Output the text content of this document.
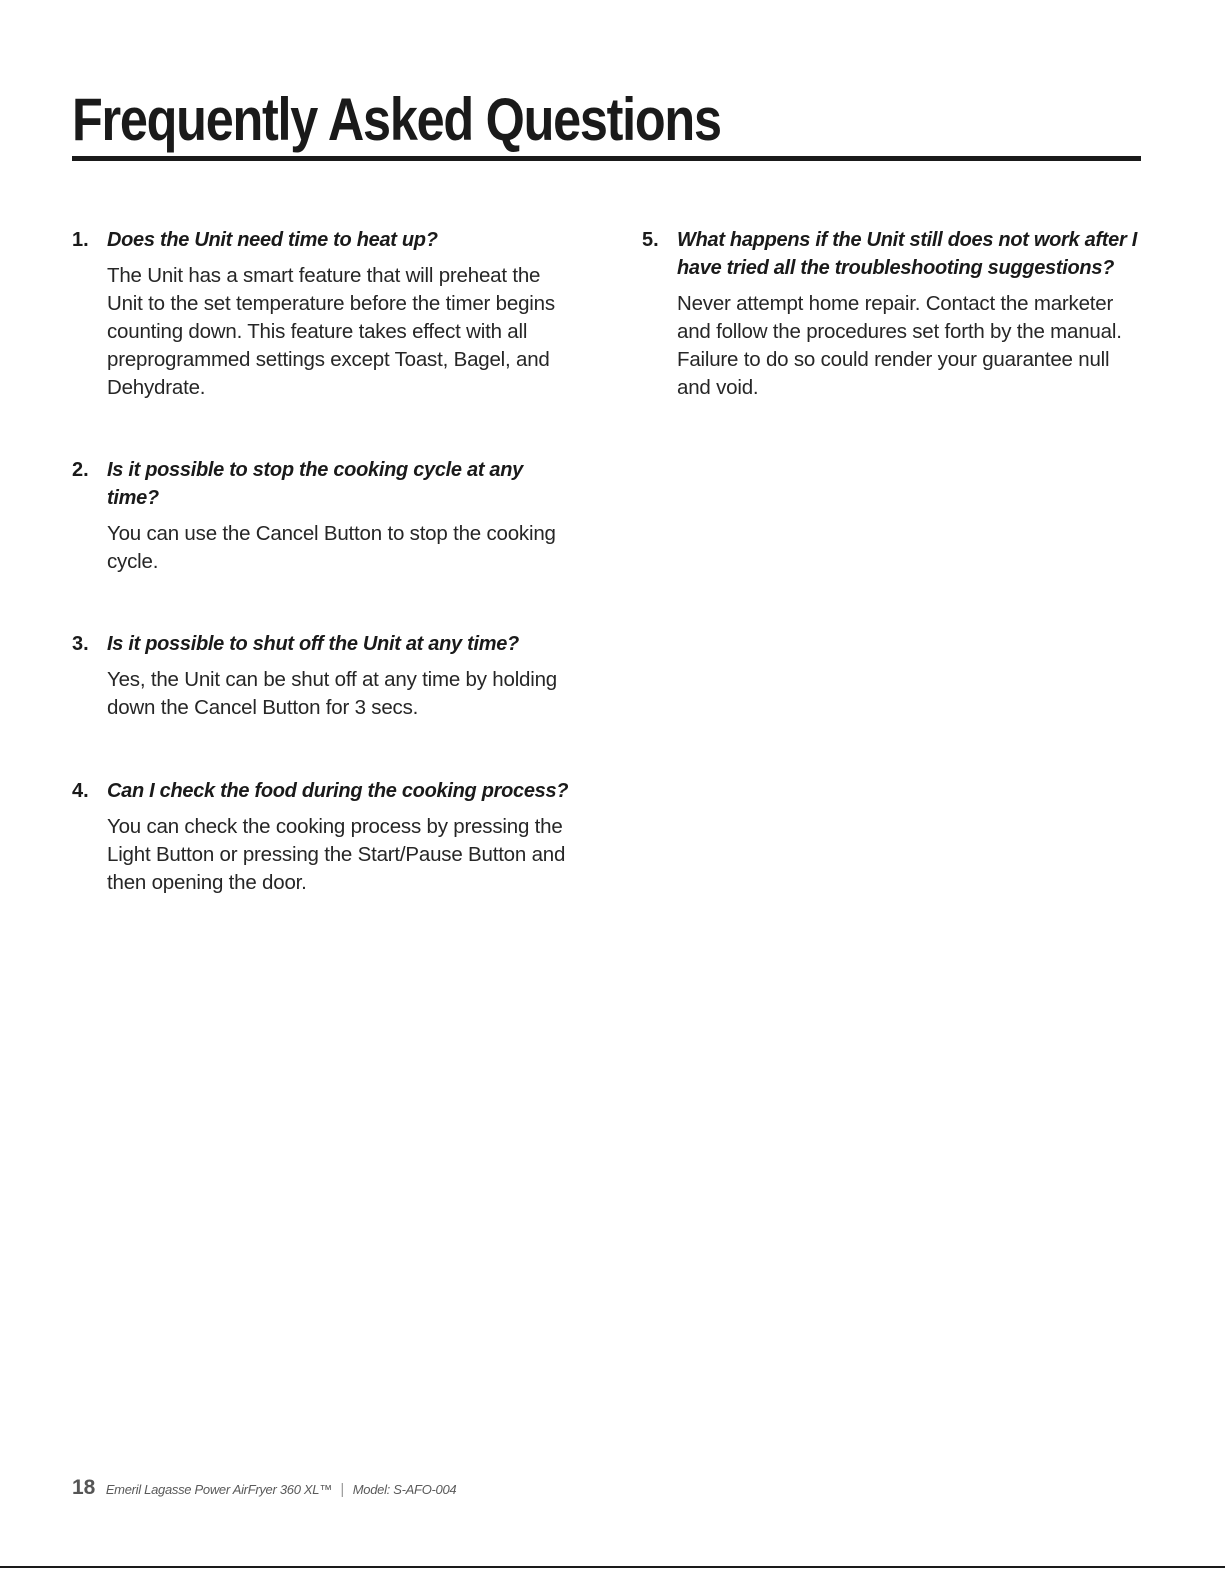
Frequently Asked Questions
1. Does the Unit need time to heat up?

The Unit has a smart feature that will preheat the Unit to the set temperature before the timer begins counting down. This feature takes effect with all preprogrammed settings except Toast, Bagel, and Dehydrate.

2. Is it possible to stop the cooking cycle at any time?

You can use the Cancel Button to stop the cooking cycle.

3. Is it possible to shut off the Unit at any time?

Yes, the Unit can be shut off at any time by holding down the Cancel Button for 3 secs.

4. Can I check the food during the cooking process?

You can check the cooking process by pressing the Light Button or pressing the Start/Pause Button and then opening the door.

5. What happens if the Unit still does not work after I have tried all the troubleshooting suggestions?

Never attempt home repair. Contact the marketer and follow the procedures set forth by the manual. Failure to do so could render your guarantee null and void.

18 Emeril Lagasse Power AirFryer 360 XL™ | Model: S-AFO-004
